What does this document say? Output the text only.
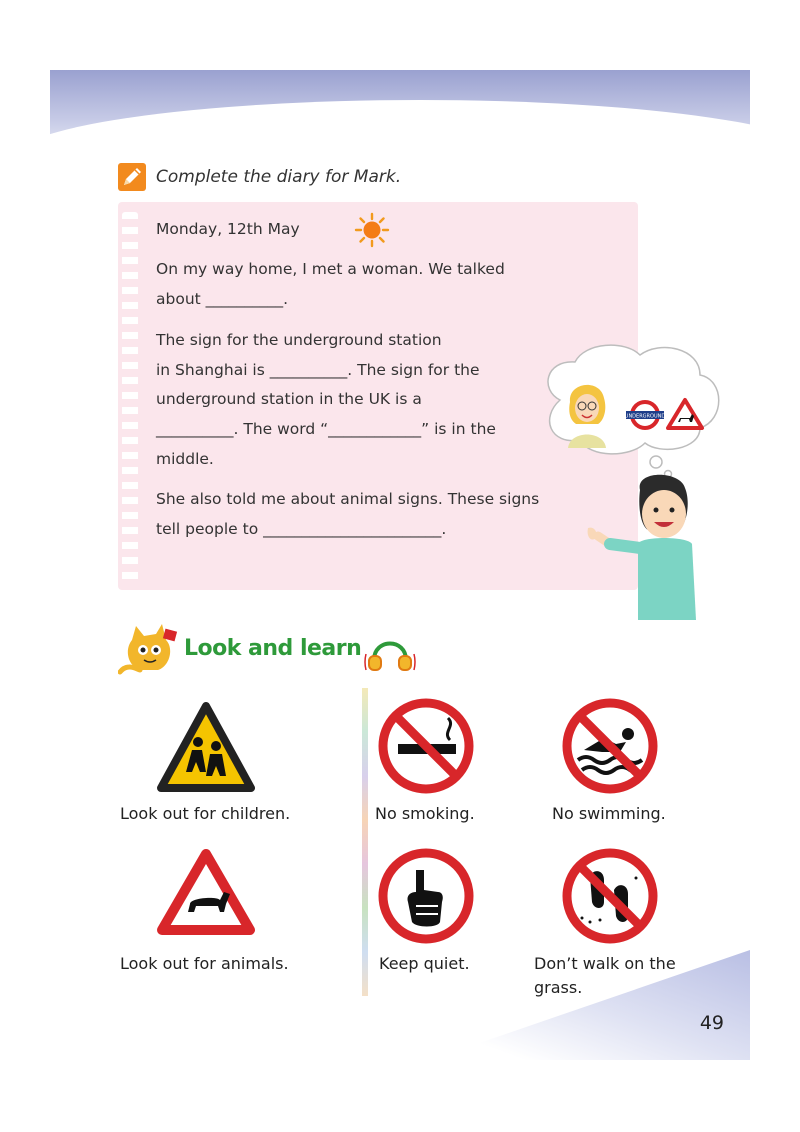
Complete the diary for Mark.
Monday, 12th May
On my way home, I met a woman. We talked
about __________.
The sign for the underground station
in Shanghai is __________. The sign for the
underground station in the UK is a
__________. The word “____________” is in the
middle.
She also told me about animal signs. These signs
tell people to _______________________.
UNDERGROUND
Look and learn
Look out for children.	No smoking.	No swimming.
Look out for animals.	Keep quiet.	Don’t walk on the
grass.
49
